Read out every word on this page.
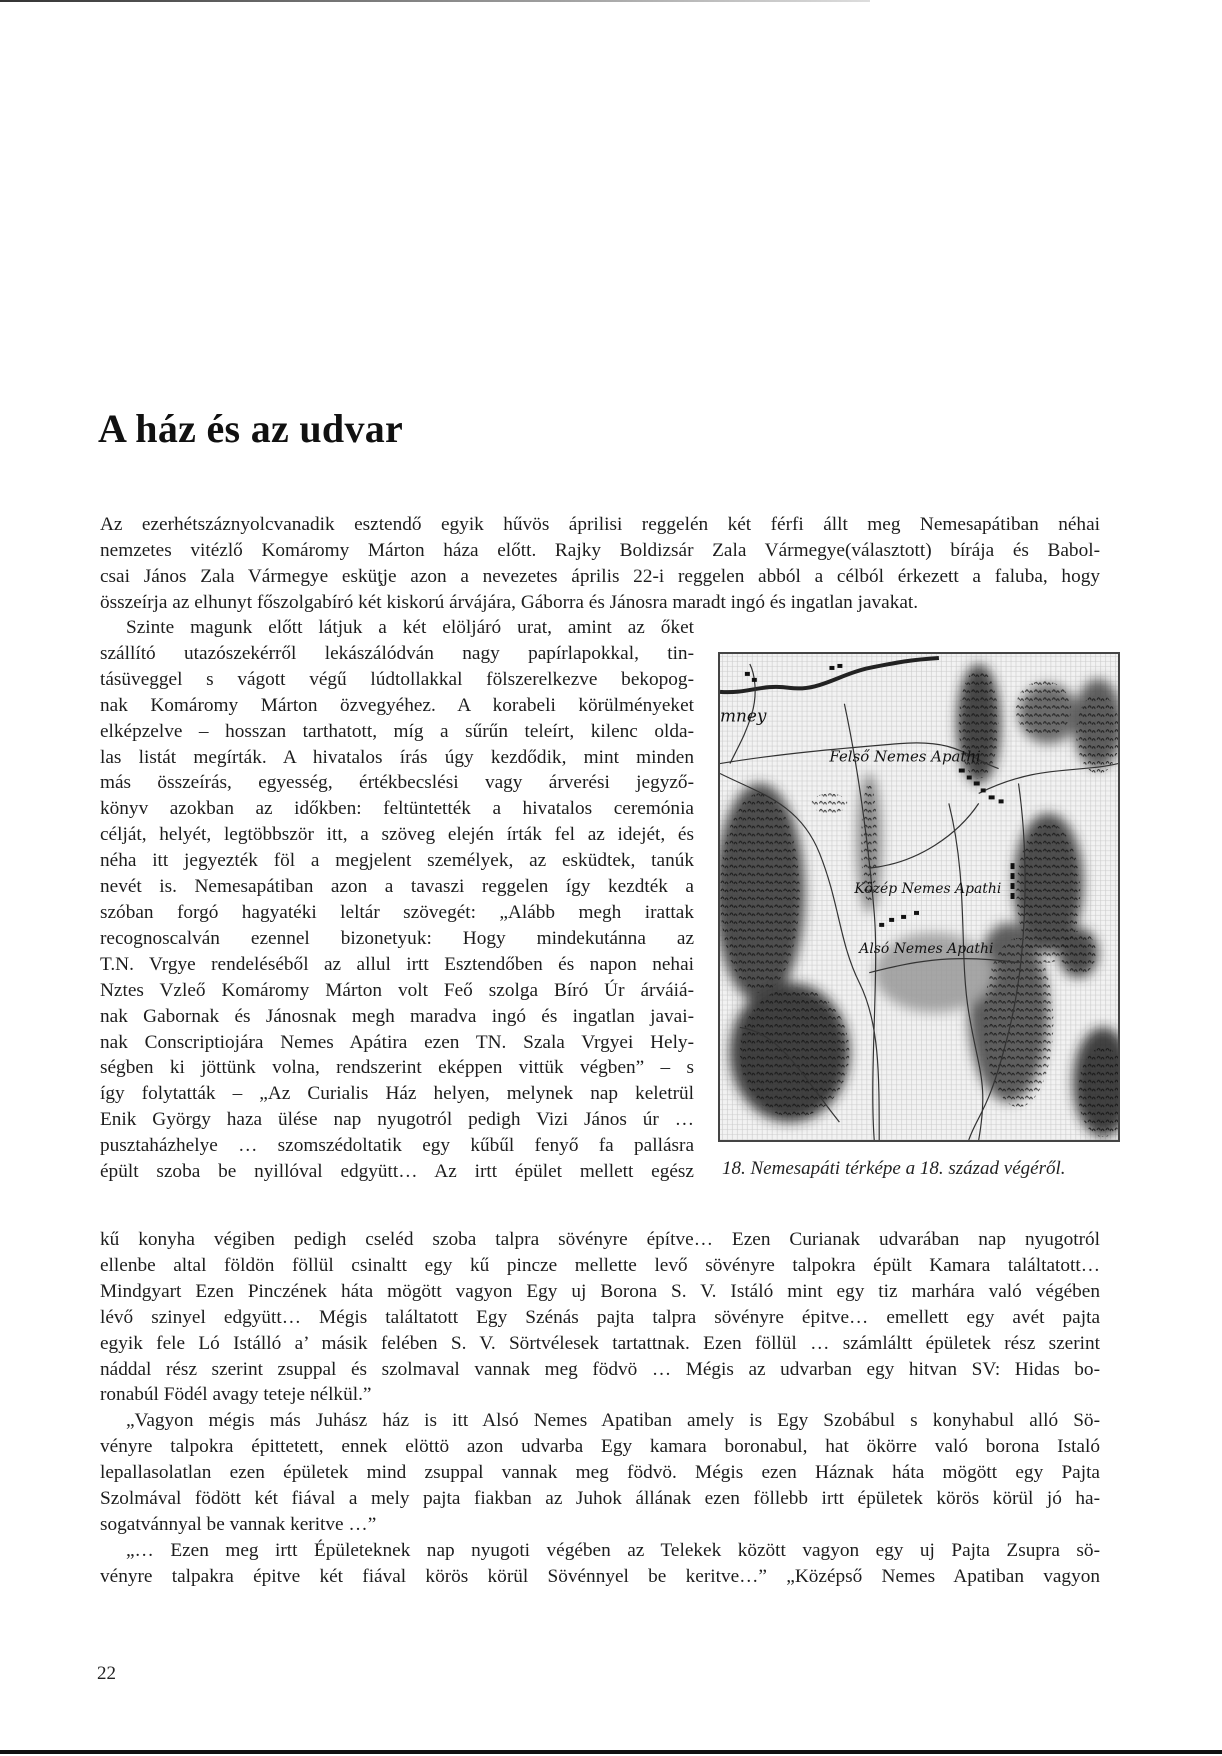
A ház és az udvar
Az ezerhétszáznyolcvanadik esztendő egyik hűvös áprilisi reggelén két férfi állt meg Nemesapátiban néhai
nemzetes vitézlő Komáromy Márton háza előtt. Rajky Boldizsár Zala Vármegye(választott) bírája és Babol-
csai János Zala Vármegye esküţje azon a nevezetes április 22-i reggelen abból a célból érkezett a faluba, hogy
összeírja az elhunyt főszolgabíró két kiskorú árvájára, Gáborra és Jánosra maradt ingó és ingatlan javakat.
Szinte magunk előtt látjuk a két elöljáró urat, amint az őket
szállító utazószekérről lekászálódván nagy papírlapokkal, tin-
tásüveggel s vágott végű lúdtollakkal fölszerelkezve bekopog-
nak Komáromy Márton özvegyéhez. A korabeli körülményeket
elképzelve – hosszan tarthatott, míg a sűrűn teleírt, kilenc olda-
las listát megírták. A hivatalos írás úgy kezdődik, mint minden
más összeírás, egyesség, értékbecslési vagy árverési jegyző-
könyv azokban az időkben: feltüntették a hivatalos ceremónia
célját, helyét, legtöbbször itt, a szöveg elején írták fel az idejét, és
néha itt jegyezték föl a megjelent személyek, az esküdtek, tanúk
nevét is. Nemesapátiban azon a tavaszi reggelen így kezdték a
szóban forgó hagyatéki leltár szövegét: „Alább megh irattak
recognoscalván ezennel bizonetyuk: Hogy mindekutánna az
T.N. Vrgye rendeléséből az allul irtt Esztendőben és napon nehai
Nztes Vzleő Komáromy Márton volt Feő szolga Bíró Úr árváiá-
nak Gabornak és Jánosnak megh maradva ingó és ingatlan javai-
nak Conscriptiojára Nemes Apátira ezen TN. Szala Vrgyei Hely-
ségben ki jöttünk volna, rendszerint eképpen vittük végben” – s
így folytatták – „Az Curialis Ház helyen, melynek nap keletrül
Enik György haza ülése nap nyugotról pedigh Vizi János úr …
pusztaházhelye … szomszédoltatik egy kűbűl fenyő fa pallásra
épült szoba be nyillóval edgyütt… Az irtt épület mellett egész
mney
Felső Nemes Apathi
Közép Nemes Apathi
Alsó Nemes Apathi
18. Nemesapáti térképe a 18. század végéről.
kű konyha végiben pedigh cseléd szoba talpra sövényre építve… Ezen Curianak udvarában nap nyugotról
ellenbe altal földön föllül csinaltt egy kű pincze mellette levő sövényre talpokra épült Kamara találtatott…
Mindgyart Ezen Pinczének háta mögött vagyon Egy uj Borona S. V. Istáló mint egy tiz marhára való végében
lévő szinyel edgyütt… Mégis találtatott Egy Szénás pajta talpra sövényre épitve… emellett egy avét pajta
egyik fele Ló Istálló a’ másik felében S. V. Sörtvélesek tartattnak. Ezen föllül … számláltt épületek rész szerint
náddal rész szerint zsuppal és szolmaval vannak meg födvö … Mégis az udvarban egy hitvan SV: Hidas bo-
ronabúl Födél avagy teteje nélkül.”
„Vagyon mégis más Juhász ház is itt Alsó Nemes Apatiban amely is Egy Szobábul s konyhabul alló Sö-
vényre talpokra épittetett, ennek elöttö azon udvarba Egy kamara boronabul, hat ökörre való borona Istaló
lepallasolatlan ezen épületek mind zsuppal vannak meg födvö. Mégis ezen Háznak háta mögött egy Pajta
Szolmával födött két fiával a mely pajta fiakban az Juhok állának ezen föllebb irtt épületek körös körül jó ha-
sogatvánnyal be vannak keritve …”
„… Ezen meg irtt Épületeknek nap nyugoti végében az Telekek között vagyon egy uj Pajta Zsupra sö-
vényre talpakra épitve két fiával körös körül Sövénnyel be keritve…” „Középső Nemes Apatiban vagyon
22
